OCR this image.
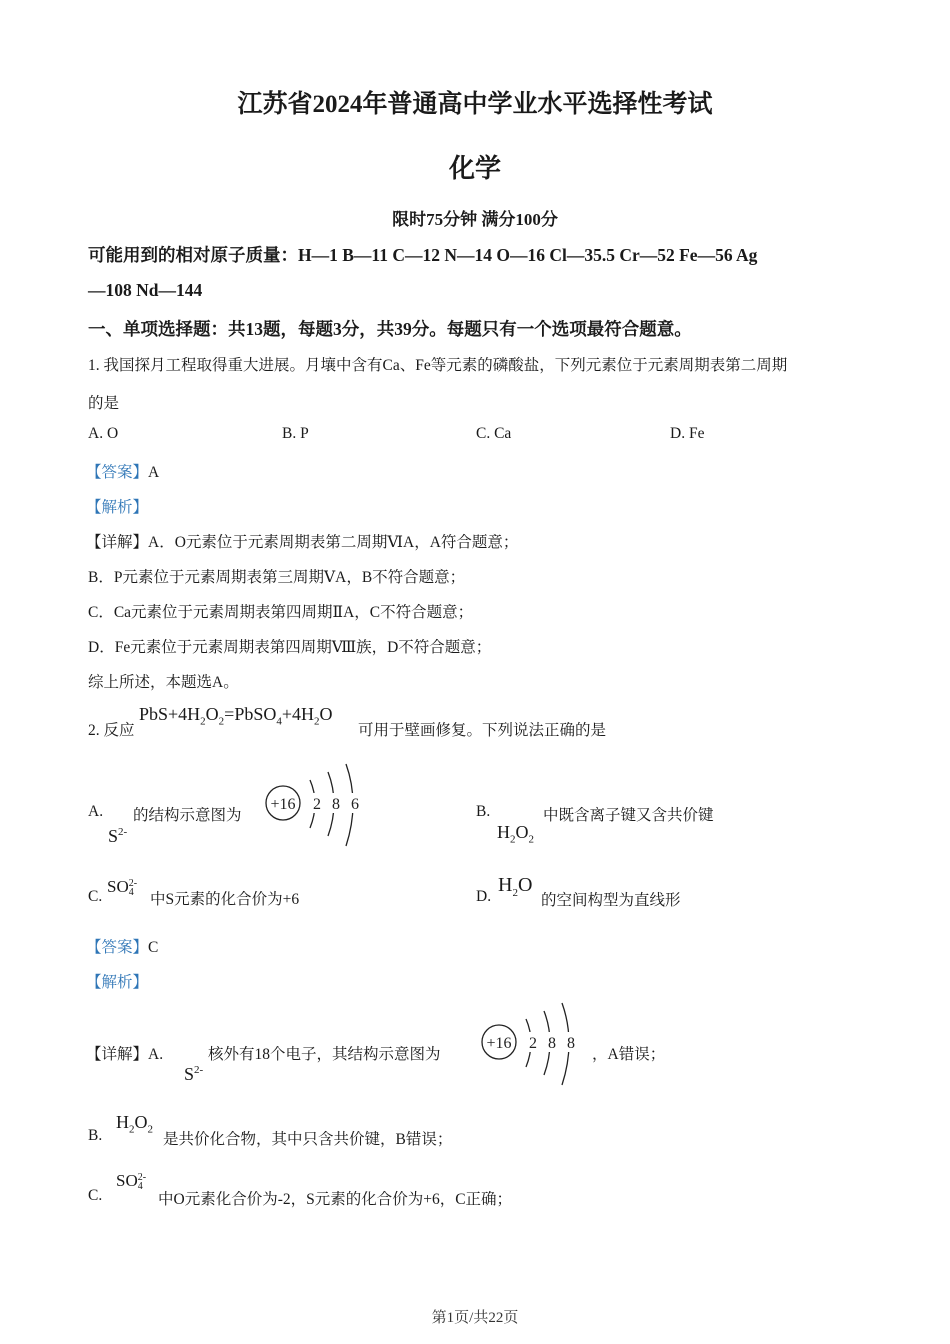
江苏省2024年普通高中学业水平选择性考试
化学
限时75分钟 满分100分
可能用到的相对原子质量：H—1 B—11 C—12 N—14 O—16 Cl—35.5 Cr—52 Fe—56 Ag
—108 Nd—144
一、单项选择题：共13题，每题3分，共39分。每题只有一个选项最符合题意。
1. 我国探月工程取得重大进展。月壤中含有Ca、Fe等元素的磷酸盐，下列元素位于元素周期表第二周期
的是
A. O	B. P	C. Ca	D. Fe
【答案】A
【解析】
【详解】A．O元素位于元素周期表第二周期ⅥA，A符合题意；
B．P元素位于元素周期表第三周期ⅤA，B不符合题意；
C．Ca元素位于元素周期表第四周期ⅡA，C不符合题意；
D．Fe元素位于元素周期表第四周期Ⅷ族，D不符合题意；
综上所述，本题选A。
2. 反应
$PbS+4H_2O_2=PbSO_4+4H_2O$
可用于壁画修复。下列说法正确的是
A.
$S^{2-}$
的结构示意图为
+16 2 8 6	B.
$H_2O_2$
中既含离子键又含共价键
C.
SO2-
4 中S元素的化合价为+6	D.
$H_2O$
的空间构型为直线形
【答案】C
【解析】
【详解】A.
$S^{2-}$
核外有18个电子，其结构示意图为
+16 2 8 8
，A错误；
B.
$H_2O_2$
是共价化合物，其中只含共价键，B错误；
C.
SO2-
4
中O元素化合价为-2，S元素的化合价为+6，C正确；
第1页/共22页
